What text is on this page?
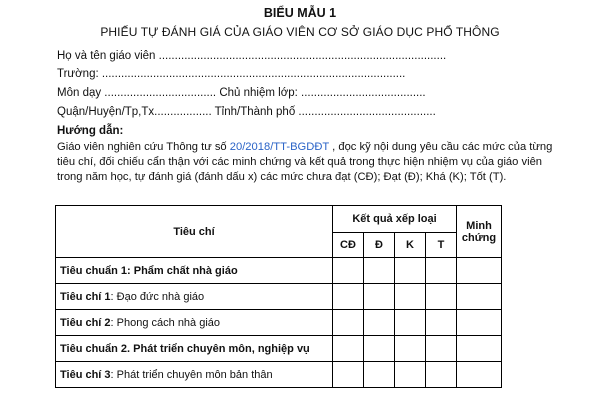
BIỂU MẪU 1
PHIẾU TỰ ĐÁNH GIÁ CỦA GIÁO VIÊN CƠ SỞ GIÁO DỤC PHỔ THÔNG
Họ và tên giáo viên ..........................................................................................
Trường: ...............................................................................................
Môn dạy ................................... Chủ nhiệm lớp: .......................................
Quận/Huyện/Tp,Tx.................. Tỉnh/Thành phố ...........................................
Hướng dẫn:
Giáo viên nghiên cứu Thông tư số 20/2018/TT-BGDĐT , đọc kỹ nội dung yêu cầu các mức của từng tiêu chí, đối chiếu cẩn thận với các minh chứng và kết quả trong thực hiện nhiệm vụ của giáo viên trong năm học, tự đánh giá (đánh dấu x) các mức chưa đạt (CĐ); Đạt (Đ); Khá (K); Tốt (T).
Tiêu chí	Kết quả xếp loại				Minh chứng
	CĐ	Đ	K	T	
Tiêu chuẩn 1: Phẩm chất nhà giáo					
Tiêu chí 1: Đạo đức nhà giáo					
Tiêu chí 2: Phong cách nhà giáo					
Tiêu chuẩn 2. Phát triển chuyên môn, nghiệp vụ					
Tiêu chí 3: Phát triển chuyên môn bản thân					
